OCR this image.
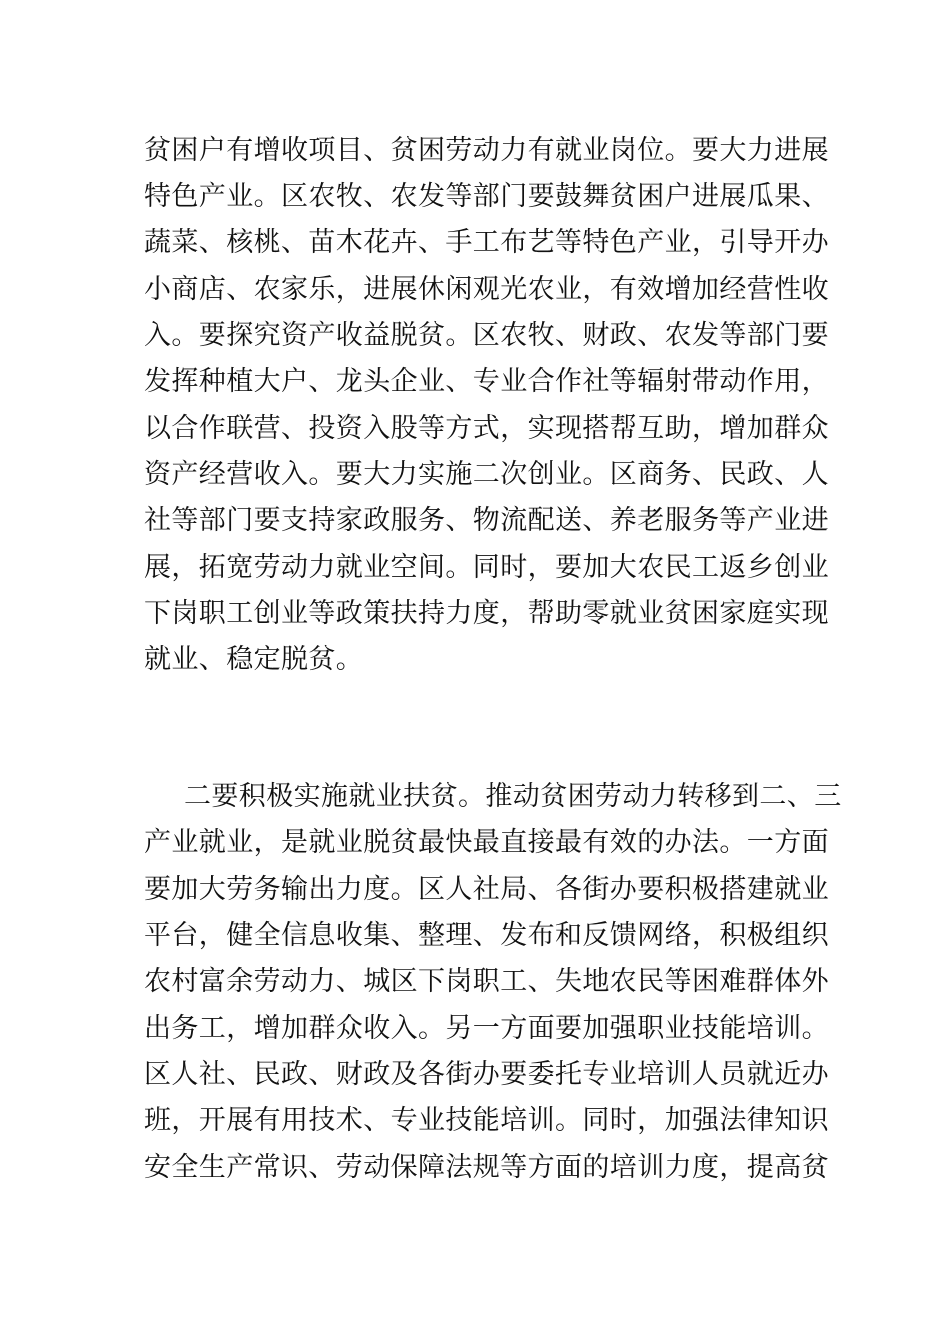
贫困户有增收项目、贫困劳动力有就业岗位。要大力进展
特色产业。区农牧、农发等部门要鼓舞贫困户进展瓜果、
蔬菜、核桃、苗木花卉、手工布艺等特色产业，引导开办
小商店、农家乐，进展休闲观光农业，有效增加经营性收
入。要探究资产收益脱贫。区农牧、财政、农发等部门要
发挥种植大户、龙头企业、专业合作社等辐射带动作用，
以合作联营、投资入股等方式，实现搭帮互助，增加群众
资产经营收入。要大力实施二次创业。区商务、民政、人
社等部门要支持家政服务、物流配送、养老服务等产业进
展，拓宽劳动力就业空间。同时，要加大农民工返乡创业
下岗职工创业等政策扶持力度，帮助零就业贫困家庭实现
就业、稳定脱贫。
二要积极实施就业扶贫。推动贫困劳动力转移到二、三
产业就业，是就业脱贫最快最直接最有效的办法。一方面
要加大劳务输出力度。区人社局、各街办要积极搭建就业
平台，健全信息收集、整理、发布和反馈网络，积极组织
农村富余劳动力、城区下岗职工、失地农民等困难群体外
出务工，增加群众收入。另一方面要加强职业技能培训。
区人社、民政、财政及各街办要委托专业培训人员就近办
班，开展有用技术、专业技能培训。同时，加强法律知识
安全生产常识、劳动保障法规等方面的培训力度，提高贫
